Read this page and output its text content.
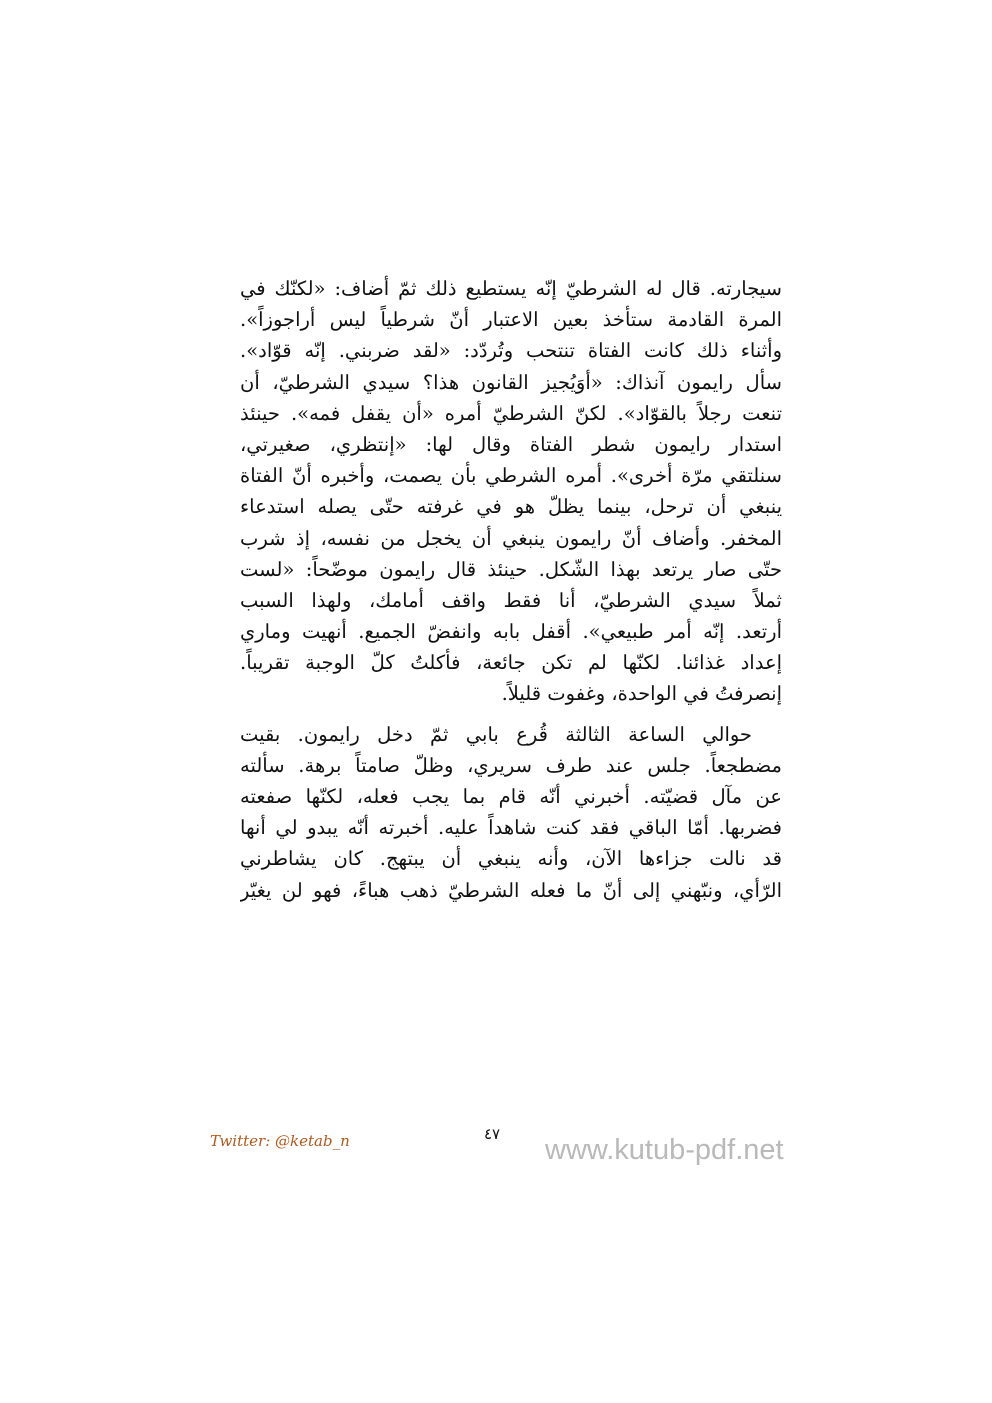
سيجارته. قال له الشرطيّ إنّه يستطيع ذلك ثمّ أضاف: «لكنّك في
المرة القادمة ستأخذ بعين الاعتبار أنّ شرطياً ليس أراجوزاً».
وأثناء ذلك كانت الفتاة تنتحب وتُردّد: «لقد ضربني. إنّه قوّاد».
سأل رايمون آنذاك: «أوَيُجيز القانون هذا؟ سيدي الشرطيّ، أن
تنعت رجلاً بالقوّاد». لكنّ الشرطيّ أمره «أن يقفل فمه». حينئذ
استدار رايمون شطر الفتاة وقال لها: «إنتظري، صغيرتي،
سنلتقي مرّة أخرى». أمره الشرطي بأن يصمت، وأخبره أنّ الفتاة
ينبغي أن ترحل، بينما يظلّ هو في غرفته حتّى يصله استدعاء
المخفر. وأضاف أنّ رايمون ينبغي أن يخجل من نفسه، إذ شرب
حتّى صار يرتعد بهذا الشّكل. حينئذ قال رايمون موضّحاً: «لست
ثملاً سيدي الشرطيّ، أنا فقط واقف أمامك، ولهذا السبب
أرتعد. إنّه أمر طبيعي». أقفل بابه وانفضّ الجميع. أنهيت وماري
إعداد غذائنا. لكنّها لم تكن جائعة، فأكلتُ كلّ الوجبة تقريباً.
إنصرفتُ في الواحدة، وغفوت قليلاً.

حوالي الساعة الثالثة قُرع بابي ثمّ دخل رايمون. بقيت
مضطجعاً. جلس عند طرف سريري، وظلّ صامتاً برهة. سألته
عن مآل قضيّته. أخبرني أنّه قام بما يجب فعله، لكنّها صفعته
فضربها. أمّا الباقي فقد كنت شاهداً عليه. أخبرته أنّه يبدو لي أنها
قد نالت جزاءها الآن، وأنه ينبغي أن يبتهج. كان يشاطرني
الرّأي، ونبّهني إلى أنّ ما فعله الشرطيّ ذهب هباءً، فهو لن يغيّر

Twitter: @ketab_n	٤٧ www.kutub-pdf.net
